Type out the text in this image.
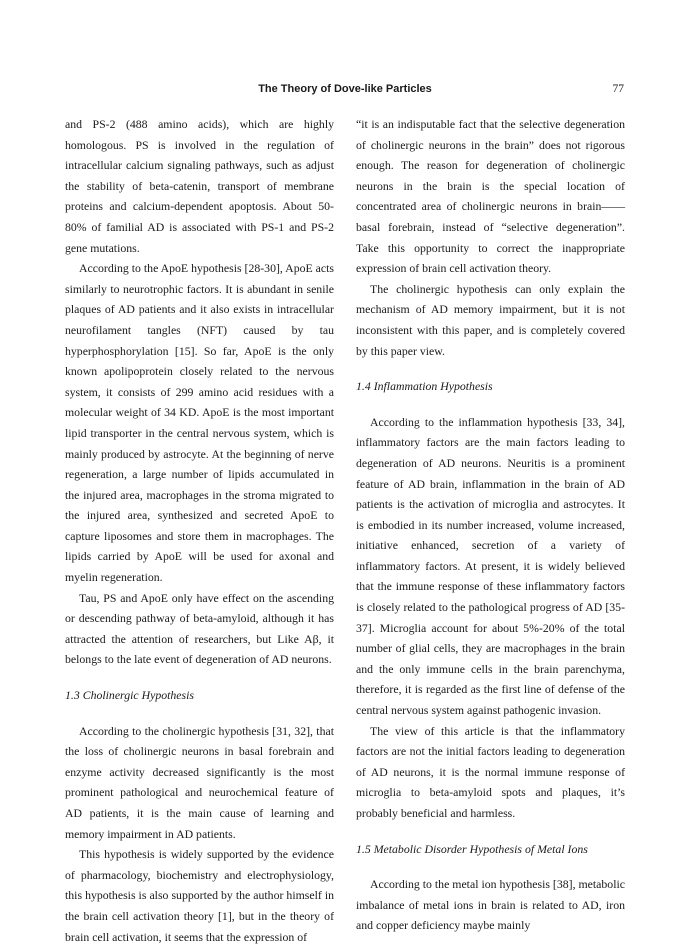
The Theory of Dove-like Particles	77

and PS-2 (488 amino acids), which are highly homologous. PS is involved in the regulation of intracellular calcium signaling pathways, such as adjust the stability of beta-catenin, transport of membrane proteins and calcium-dependent apoptosis. About 50-80% of familial AD is associated with PS-1 and PS-2 gene mutations.

According to the ApoE hypothesis [28-30], ApoE acts similarly to neurotrophic factors. It is abundant in senile plaques of AD patients and it also exists in intracellular neurofilament tangles (NFT) caused by tau hyperphosphorylation [15]. So far, ApoE is the only known apolipoprotein closely related to the nervous system, it consists of 299 amino acid residues with a molecular weight of 34 KD. ApoE is the most important lipid transporter in the central nervous system, which is mainly produced by astrocyte. At the beginning of nerve regeneration, a large number of lipids accumulated in the injured area, macrophages in the stroma migrated to the injured area, synthesized and secreted ApoE to capture liposomes and store them in macrophages. The lipids carried by ApoE will be used for axonal and myelin regeneration.

Tau, PS and ApoE only have effect on the ascending or descending pathway of beta-amyloid, although it has attracted the attention of researchers, but Like Aβ, it belongs to the late event of degeneration of AD neurons.

1.3 Cholinergic Hypothesis

According to the cholinergic hypothesis [31, 32], that the loss of cholinergic neurons in basal forebrain and enzyme activity decreased significantly is the most prominent pathological and neurochemical feature of AD patients, it is the main cause of learning and memory impairment in AD patients.

This hypothesis is widely supported by the evidence of pharmacology, biochemistry and electrophysiology, this hypothesis is also supported by the author himself in the brain cell activation theory [1], but in the theory of brain cell activation, it seems that the expression of

“it is an indisputable fact that the selective degeneration of cholinergic neurons in the brain” does not rigorous enough. The reason for degeneration of cholinergic neurons in the brain is the special location of concentrated area of cholinergic neurons in brain——basal forebrain, instead of “selective degeneration”. Take this opportunity to correct the inappropriate expression of brain cell activation theory.

The cholinergic hypothesis can only explain the mechanism of AD memory impairment, but it is not inconsistent with this paper, and is completely covered by this paper view.

1.4 Inflammation Hypothesis

According to the inflammation hypothesis [33, 34], inflammatory factors are the main factors leading to degeneration of AD neurons. Neuritis is a prominent feature of AD brain, inflammation in the brain of AD patients is the activation of microglia and astrocytes. It is embodied in its number increased, volume increased, initiative enhanced, secretion of a variety of inflammatory factors. At present, it is widely believed that the immune response of these inflammatory factors is closely related to the pathological progress of AD [35-37]. Microglia account for about 5%-20% of the total number of glial cells, they are macrophages in the brain and the only immune cells in the brain parenchyma, therefore, it is regarded as the first line of defense of the central nervous system against pathogenic invasion.

The view of this article is that the inflammatory factors are not the initial factors leading to degeneration of AD neurons, it is the normal immune response of microglia to beta-amyloid spots and plaques, it’s probably beneficial and harmless.

1.5 Metabolic Disorder Hypothesis of Metal Ions

According to the metal ion hypothesis [38], metabolic imbalance of metal ions in brain is related to AD, iron and copper deficiency maybe mainly
